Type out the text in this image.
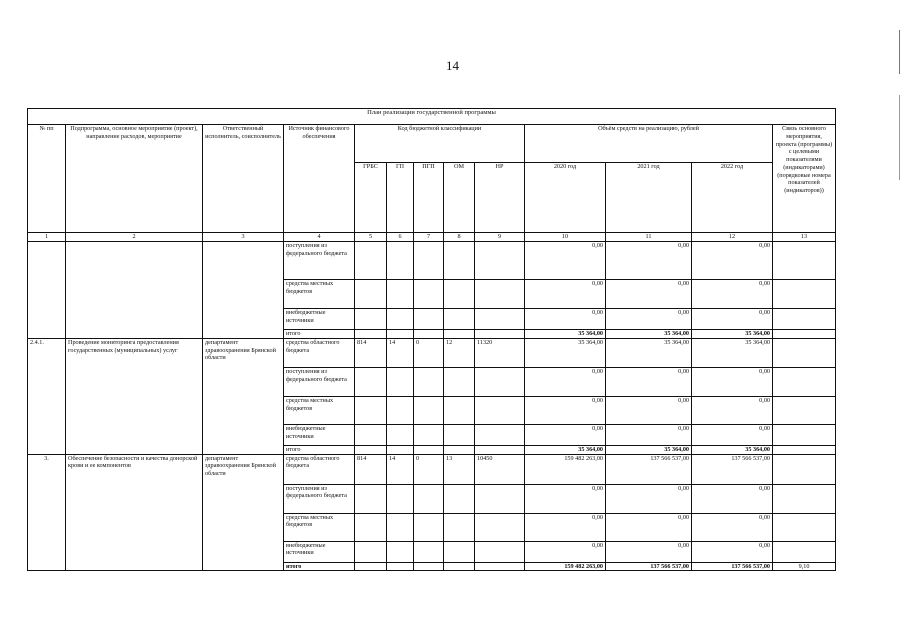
14
План реализации государственной программы												
№ пп	Подпрограмма, основное мероприятие (проект), направление расходов, мероприятие	Ответственный исполнитель, соисполнитель	Источник финансового обеспечения	Код бюджетной классификации					Объём средств на реализацию, рублей			Связь основного мероприятия, проекта (программы) с целевыми показателями (индикаторами) (порядковые номера показателей (индикаторов))
				ГРБС	ГП	ПГП	ОМ	НР	2020 год	2021 год	2022 год	
1	2	3	4	5	6	7	8	9	10	11	12	13
			поступления из федерального бюджета						0,00	0,00	0,00	
			средства местных бюджетов						0,00	0,00	0,00	
			внебюджетные источники						0,00	0,00	0,00	
			итого						35 364,00	35 364,00	35 364,00	
2.4.1.	Проведение мониторинга предоставления государственных (муниципальных) услуг	департамент здравоохранения Брянской области	средства областного бюджета	814	14	0	12	11320	35 364,00	35 364,00	35 364,00	
			поступления из федерального бюджета						0,00	0,00	0,00	
			средства местных бюджетов						0,00	0,00	0,00	
			внебюджетные источники						0,00	0,00	0,00	
			итого						35 364,00	35 364,00	35 364,00	
3.	Обеспечение безопасности и качества донорской крови и ее компонентов	департамент здравоохранения Брянской области	средства областного бюджета	814	14	0	13	10450	159 482 263,00	137 566 537,00	137 566 537,00	
			поступления из федерального бюджета						0,00	0,00	0,00	
			средства местных бюджетов						0,00	0,00	0,00	
			внебюджетные источники						0,00	0,00	0,00	
			итого						159 482 263,00	137 566 537,00	137 566 537,00	9,10
